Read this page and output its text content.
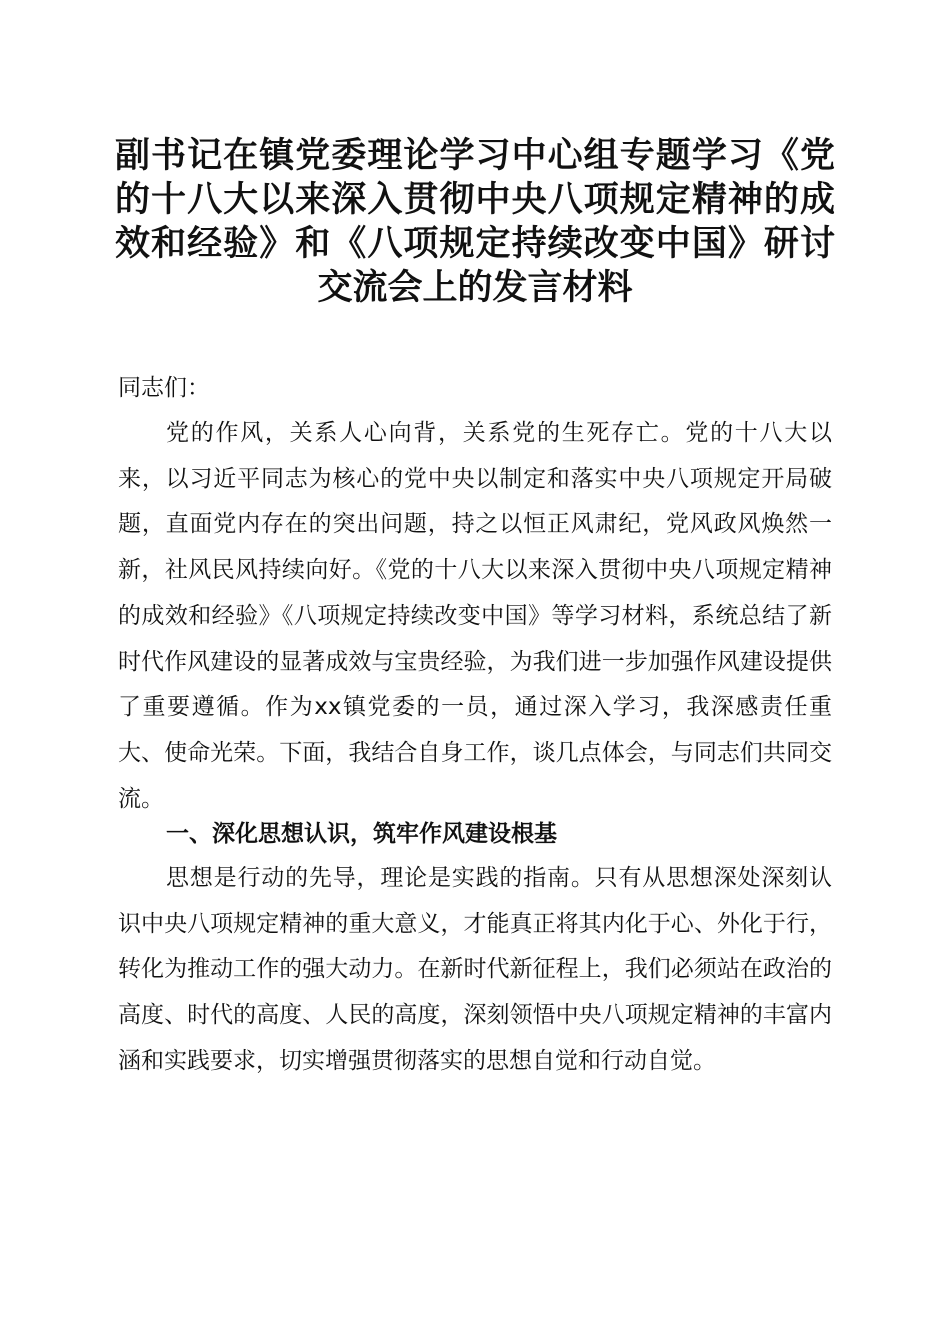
副书记在镇党委理论学习中心组专题学习《党的十八大以来深入贯彻中央八项规定精神的成效和经验》和《八项规定持续改变中国》研讨交流会上的发言材料

同志们：

党的作风，关系人心向背，关系党的生死存亡。党的十八大以来，以习近平同志为核心的党中央以制定和落实中央八项规定开局破题，直面党内存在的突出问题，持之以恒正风肃纪，党风政风焕然一新，社风民风持续向好。《党的十八大以来深入贯彻中央八项规定精神的成效和经验》《八项规定持续改变中国》等学习材料，系统总结了新时代作风建设的显著成效与宝贵经验，为我们进一步加强作风建设提供了重要遵循。作为xx镇党委的一员，通过深入学习，我深感责任重大、使命光荣。下面，我结合自身工作，谈几点体会，与同志们共同交流。

一、深化思想认识，筑牢作风建设根基

思想是行动的先导，理论是实践的指南。只有从思想深处深刻认识中央八项规定精神的重大意义，才能真正将其内化于心、外化于行，转化为推动工作的强大动力。在新时代新征程上，我们必须站在政治的高度、时代的高度、人民的高度，深刻领悟中央八项规定精神的丰富内涵和实践要求，切实增强贯彻落实的思想自觉和行动自觉。
